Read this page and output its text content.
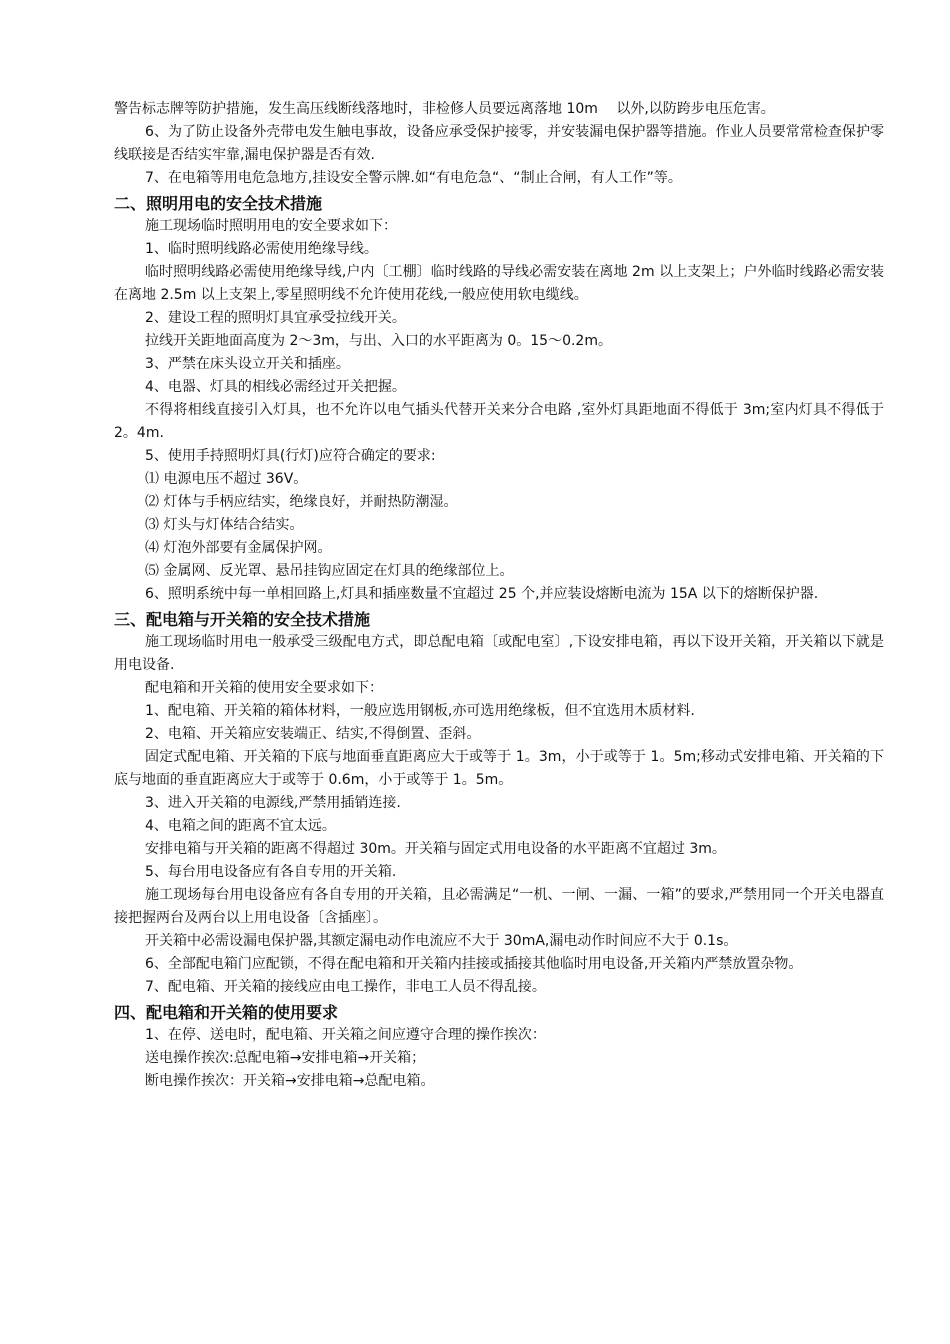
警告标志牌等防护措施，发生高压线断线落地时，非检修人员要远离落地 10m　 以外,以防跨步电压危害。

6、为了防止设备外壳带电发生触电事故，设备应承受保护接零，并安装漏电保护器等措施。作业人员要常常检查保护零线联接是否结实牢靠,漏电保护器是否有效.

7、在电箱等用电危急地方,挂设安全警示牌.如“有电危急“、“制止合闸，有人工作”等。

二、照明用电的安全技术措施

施工现场临时照明用电的安全要求如下：

1、临时照明线路必需使用绝缘导线。

临时照明线路必需使用绝缘导线,户内〔工棚〕临时线路的导线必需安装在离地 2m 以上支架上；户外临时线路必需安装在离地 2.5m 以上支架上,零星照明线不允许使用花线,一般应使用软电缆线。

2、建设工程的照明灯具宜承受拉线开关。

拉线开关距地面高度为 2～3m，与出、入口的水平距离为 0。15～0.2m。

3、严禁在床头设立开关和插座。

4、电器、灯具的相线必需经过开关把握。

不得将相线直接引入灯具，也不允许以电气插头代替开关来分合电路 ,室外灯具距地面不得低于 3m;室内灯具不得低于 2。4m.

5、使用手持照明灯具(行灯)应符合确定的要求:

⑴ 电源电压不超过 36V。

⑵ 灯体与手柄应结实，绝缘良好，并耐热防潮湿。

⑶ 灯头与灯体结合结实。

⑷ 灯泡外部要有金属保护网。

⑸ 金属网、反光罩、悬吊挂钩应固定在灯具的绝缘部位上。

6、照明系统中每一单相回路上,灯具和插座数量不宜超过 25 个,并应装设熔断电流为 15A 以下的熔断保护器.

三、配电箱与开关箱的安全技术措施

施工现场临时用电一般承受三级配电方式，即总配电箱〔或配电室〕,下设安排电箱，再以下设开关箱，开关箱以下就是用电设备.

配电箱和开关箱的使用安全要求如下：

1、配电箱、开关箱的箱体材料，一般应选用钢板,亦可选用绝缘板，但不宜选用木质材料.

2、电箱、开关箱应安装端正、结实,不得倒置、歪斜。

固定式配电箱、开关箱的下底与地面垂直距离应大于或等于 1。3m，小于或等于 1。5m;移动式安排电箱、开关箱的下底与地面的垂直距离应大于或等于 0.6m，小于或等于 1。5m。

3、进入开关箱的电源线,严禁用插销连接.

4、电箱之间的距离不宜太远。

安排电箱与开关箱的距离不得超过 30m。开关箱与固定式用电设备的水平距离不宜超过 3m。

5、每台用电设备应有各自专用的开关箱.

施工现场每台用电设备应有各自专用的开关箱，且必需满足“一机、一闸、一漏、一箱”的要求,严禁用同一个开关电器直接把握两台及两台以上用电设备〔含插座〕。

开关箱中必需设漏电保护器,其额定漏电动作电流应不大于 30mA,漏电动作时间应不大于 0.1s。

6、全部配电箱门应配锁，不得在配电箱和开关箱内挂接或插接其他临时用电设备,开关箱内严禁放置杂物。

7、配电箱、开关箱的接线应由电工操作，非电工人员不得乱接。

四、配电箱和开关箱的使用要求

1、在停、送电时，配电箱、开关箱之间应遵守合理的操作挨次：

送电操作挨次:总配电箱→安排电箱→开关箱；

断电操作挨次：开关箱→安排电箱→总配电箱。
